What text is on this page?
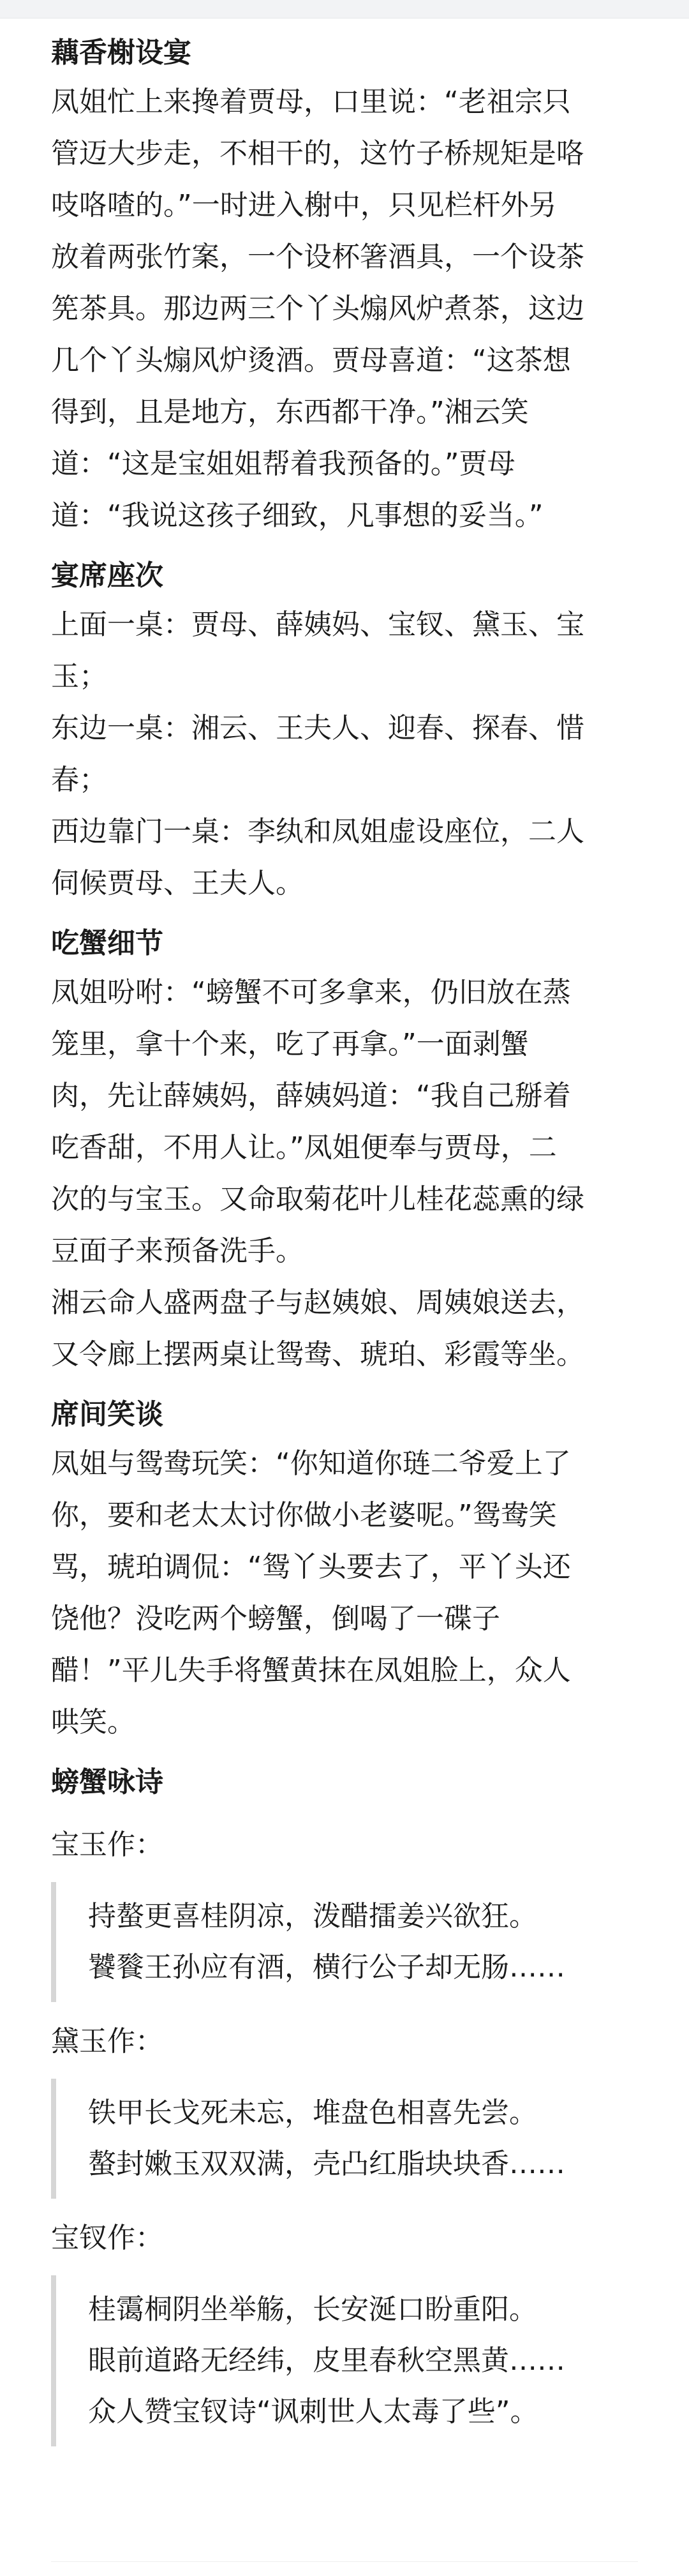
藕香榭设宴

凤姐忙上来搀着贾母，口里说：“老祖宗只

管迈大步走，不相干的，这竹子桥规矩是咯

吱咯喳的。”一时进入榭中，只见栏杆外另

放着两张竹案，一个设杯箸酒具，一个设茶

筅茶具。那边两三个丫头煽风炉煮茶，这边

几个丫头煽风炉烫酒。贾母喜道：“这茶想

得到，且是地方，东西都干净。”湘云笑

道：“这是宝姐姐帮着我预备的。”贾母

道：“我说这孩子细致，凡事想的妥当。”

宴席座次

上面一桌：贾母、薛姨妈、宝钗、黛玉、宝

玉；

东边一桌：湘云、王夫人、迎春、探春、惜

春；

西边靠门一桌：李纨和凤姐虚设座位，二人

伺候贾母、王夫人。

吃蟹细节

凤姐吩咐：“螃蟹不可多拿来，仍旧放在蒸

笼里，拿十个来，吃了再拿。”一面剥蟹

肉，先让薛姨妈，薛姨妈道：“我自己掰着

吃香甜，不用人让。”凤姐便奉与贾母，二

次的与宝玉。又命取菊花叶儿桂花蕊熏的绿

豆面子来预备洗手。

湘云命人盛两盘子与赵姨娘、周姨娘送去，

又令廊上摆两桌让鸳鸯、琥珀、彩霞等坐。

席间笑谈

凤姐与鸳鸯玩笑：“你知道你琏二爷爱上了

你，要和老太太讨你做小老婆呢。”鸳鸯笑

骂，琥珀调侃：“鸳丫头要去了，平丫头还

饶他？没吃两个螃蟹，倒喝了一碟子

醋！”平儿失手将蟹黄抹在凤姐脸上，众人

哄笑。

螃蟹咏诗

宝玉作：

持螯更喜桂阴凉，泼醋擂姜兴欲狂。

饕餮王孙应有酒，横行公子却无肠……

黛玉作：

铁甲长戈死未忘，堆盘色相喜先尝。

螯封嫩玉双双满，壳凸红脂块块香……

宝钗作：

桂霭桐阴坐举觞，长安涎口盼重阳。

眼前道路无经纬，皮里春秋空黑黄……

众人赞宝钗诗“讽刺世人太毒了些”。
